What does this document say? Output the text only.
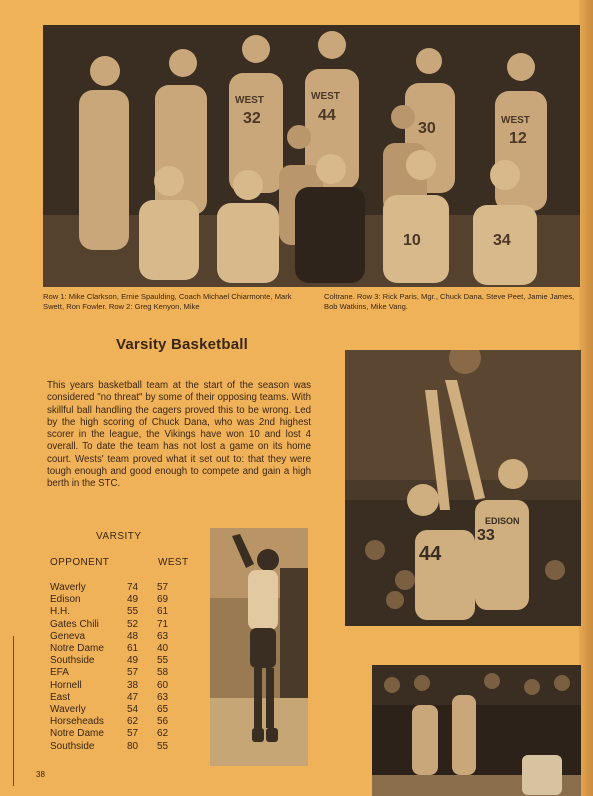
32	44
30
12
10	34
WEST	WEST
WEST
Row 1: Mike Clarkson, Ernie Spaulding, Coach Michael Chiarmonte, Mark Swett, Ron Fowler. Row 2: Greg Kenyon, Mike
Coltrane. Row 3: Rick Paris, Mgr., Chuck Dana, Steve Peet, Jamie James, Bob Watkins, Mike Vang.
Varsity Basketball
This years basketball team at the start of the season was considered "no threat" by some of their opposing teams. With skillful ball handling the cagers proved this to be wrong. Led by the high scoring of Chuck Dana, who was 2nd highest scorer in the league, the Vikings have won 10 and lost 4 overall. To date the team has not lost a game on its home court. Wests' team proved what it set out to: that they were tough enough and good enough to compete and gain a high berth in the STC.
44
33
EDISON
VARSITY
OPPONENT	WEST
Waverly	74	57
Edison	49	69
H.H.	55	61
Gates Chili	52	71
Geneva	48	63
Notre Dame	61	40
Southside	49	55
EFA	57	58
Hornell	38	60
East	47	63
Waverly	54	65
Horseheads	62	56
Notre Dame	57	62
Southside	80	55
38
